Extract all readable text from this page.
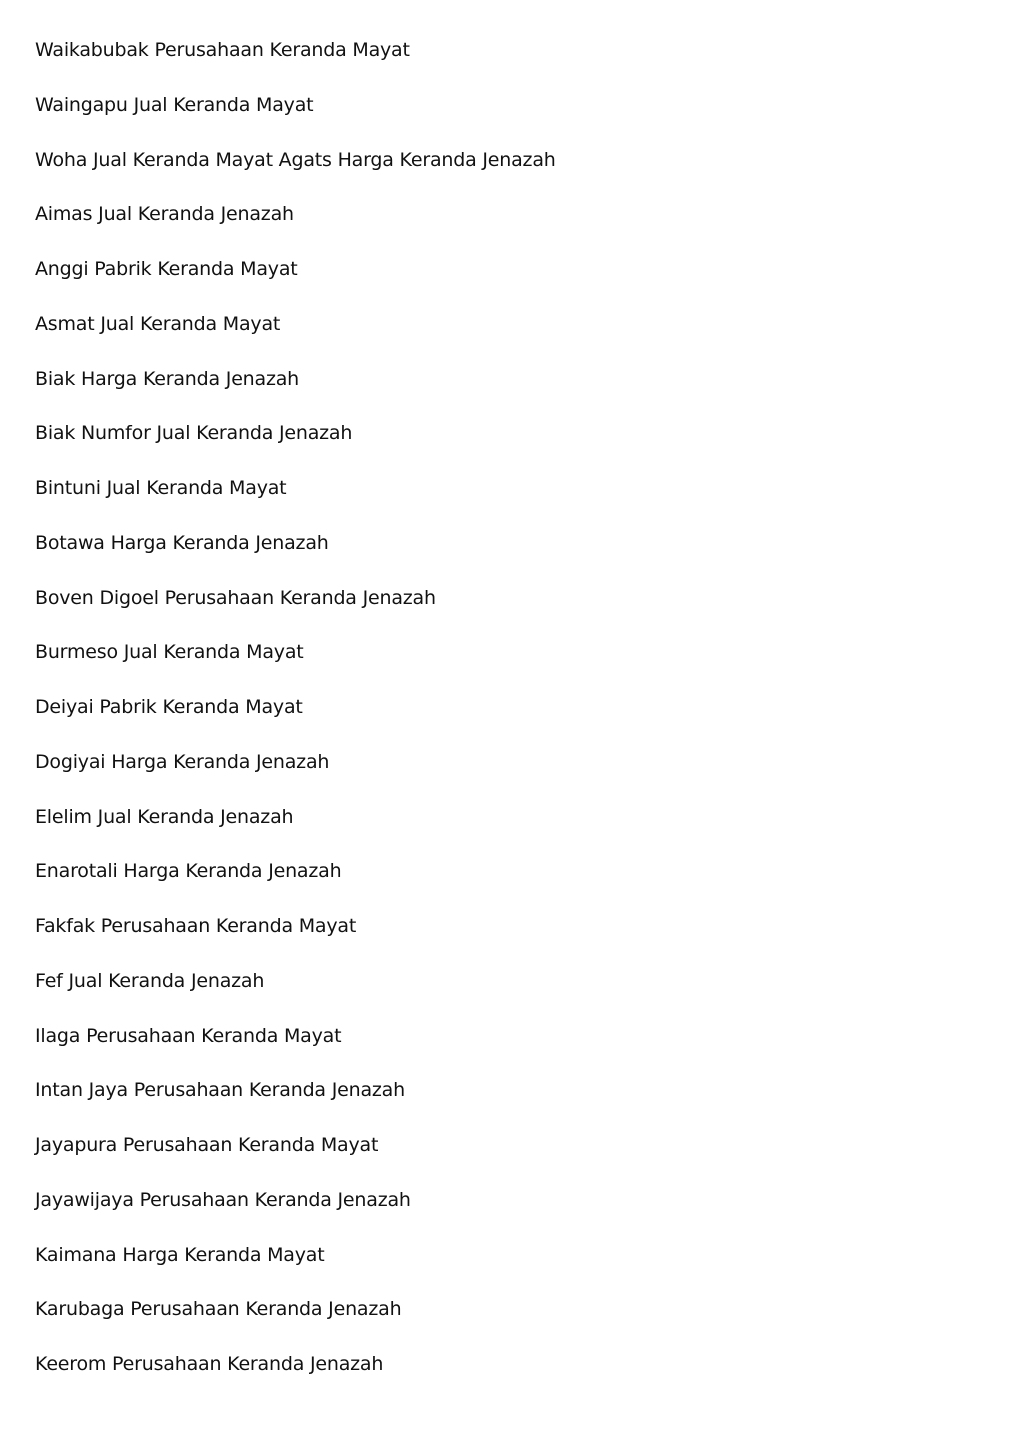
Waikabubak Perusahaan Keranda Mayat
Waingapu Jual Keranda Mayat
Woha Jual Keranda Mayat Agats Harga Keranda Jenazah
Aimas Jual Keranda Jenazah
Anggi Pabrik Keranda Mayat
Asmat Jual Keranda Mayat
Biak Harga Keranda Jenazah
Biak Numfor Jual Keranda Jenazah
Bintuni Jual Keranda Mayat
Botawa Harga Keranda Jenazah
Boven Digoel Perusahaan Keranda Jenazah
Burmeso Jual Keranda Mayat
Deiyai Pabrik Keranda Mayat
Dogiyai Harga Keranda Jenazah
Elelim Jual Keranda Jenazah
Enarotali Harga Keranda Jenazah
Fakfak Perusahaan Keranda Mayat
Fef Jual Keranda Jenazah
Ilaga Perusahaan Keranda Mayat
Intan Jaya Perusahaan Keranda Jenazah
Jayapura Perusahaan Keranda Mayat
Jayawijaya Perusahaan Keranda Jenazah
Kaimana Harga Keranda Mayat
Karubaga Perusahaan Keranda Jenazah
Keerom Perusahaan Keranda Jenazah
